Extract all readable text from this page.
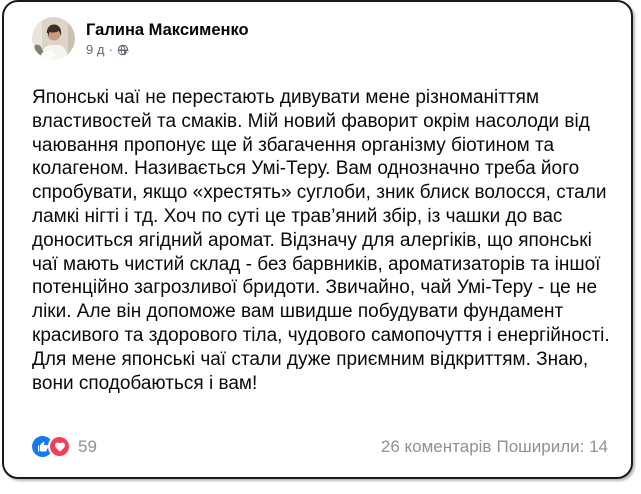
Галина Максименко
9 д ·

Японські чаї не перестають дивувати мене різноманіттям властивостей та смаків. Мій новий фаворит окрім насолоди від чаювання пропонує ще й збагачення організму біотином та колагеном. Називається Умі-Теру. Вам однозначно треба його спробувати, якщо «хрестять» суглоби, зник блиск волосся, стали ламкі нігті і тд. Хоч по суті це трав’яний збір, із чашки до вас доноситься ягідний аромат. Відзначу для алергіків, що японські чаї мають чистий склад - без барвників, ароматизаторів та іншої потенційно загрозливої бридоти. Звичайно, чай Умі-Теру - це не ліки. Але він допоможе вам швидше побудувати фундамент красивого та здорового тіла, чудового самопочуття і енергійності. Для мене японські чаї стали дуже приємним відкриттям. Знаю, вони сподобаються і вам!

59	26 коментарів Поширили: 14
